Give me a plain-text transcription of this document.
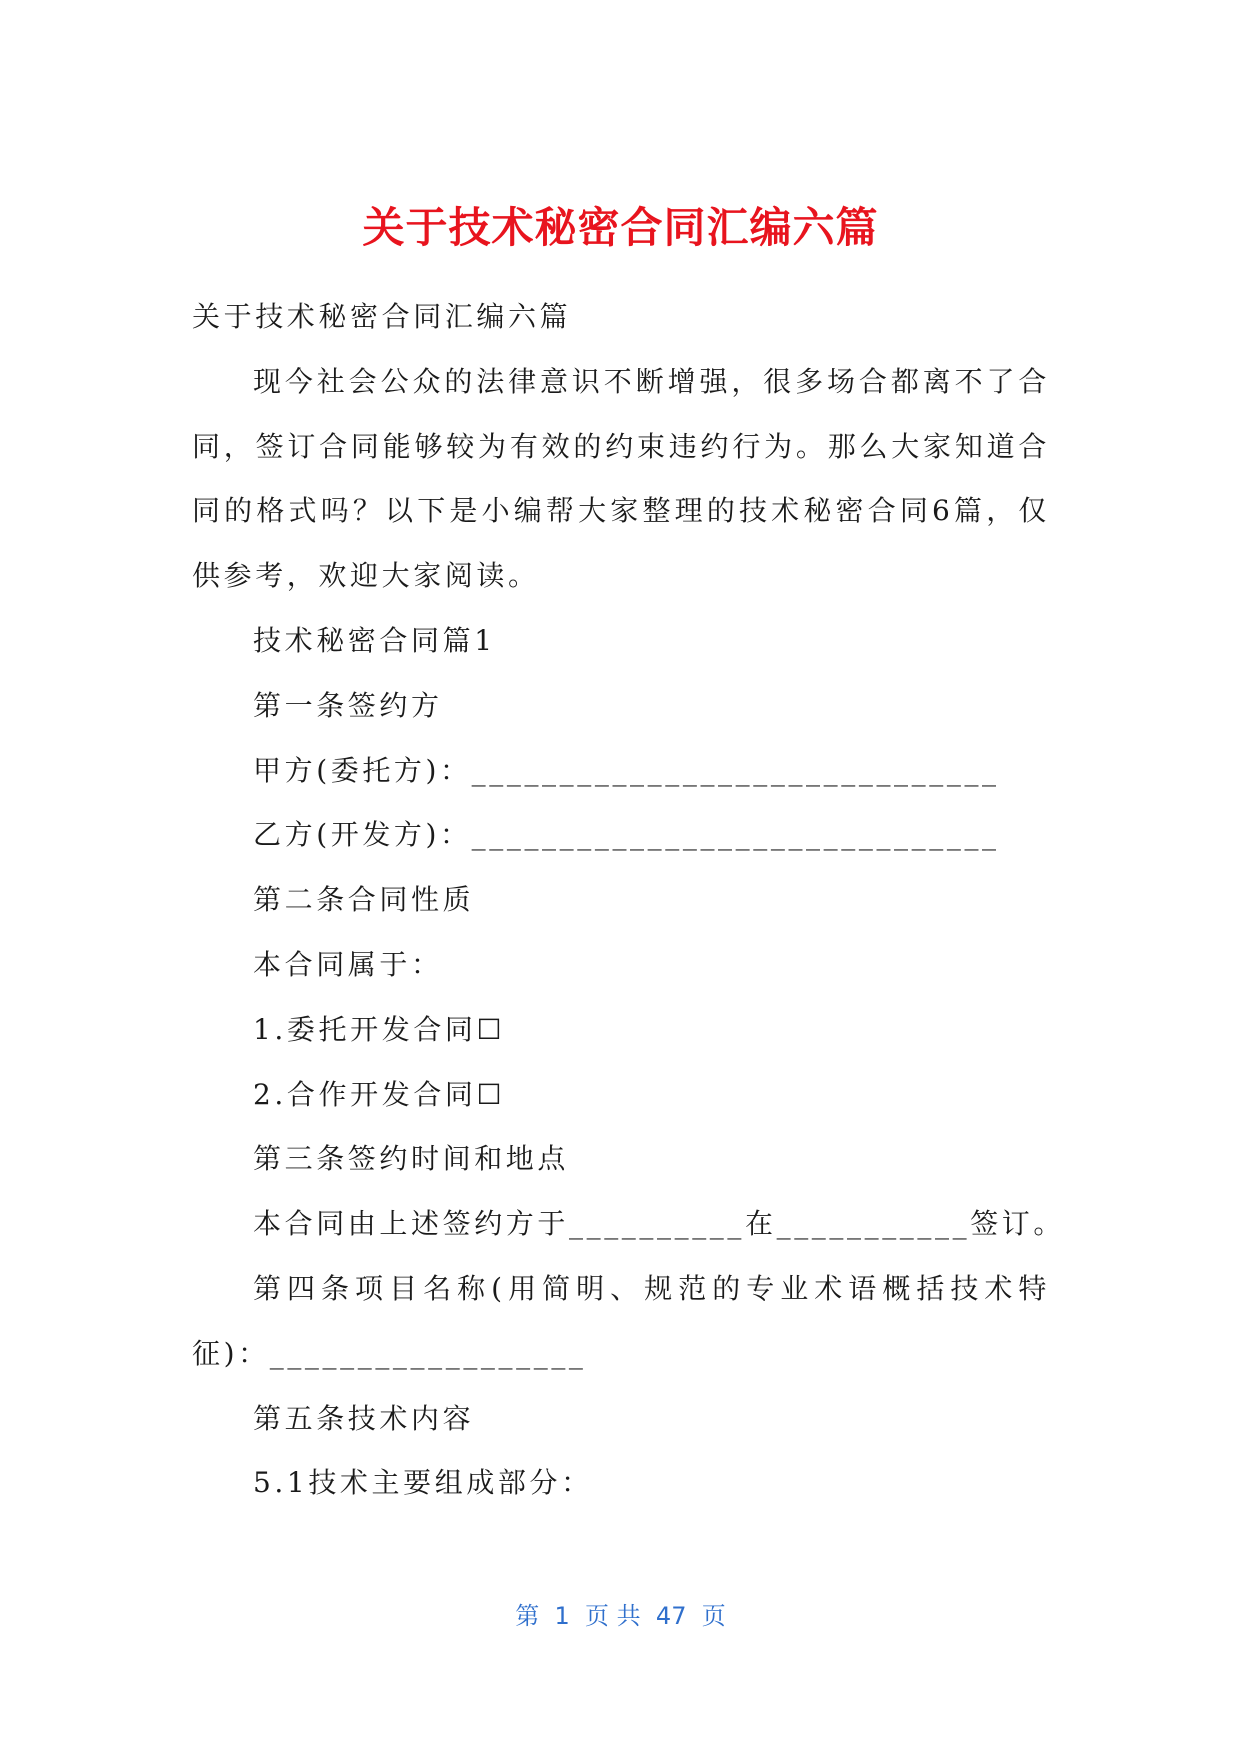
关于技术秘密合同汇编六篇

关于技术秘密合同汇编六篇

现今社会公众的法律意识不断增强，很多场合都离不了合同，签订合同能够较为有效的约束违约行为。那么大家知道合同的格式吗？以下是小编帮大家整理的技术秘密合同6篇，仅供参考，欢迎大家阅读。

技术秘密合同篇1

第一条签约方

甲方(委托方)：______________________________

乙方(开发方)：______________________________

第二条合同性质

本合同属于：

1.委托开发合同☐

2.合作开发合同☐

第三条签约时间和地点

本合同由上述签约方于__________在___________签订。

第四条项目名称(用简明、规范的专业术语概括技术特征)：__________________

第五条技术内容

5.1技术主要组成部分：

第  1  页 共  47  页
